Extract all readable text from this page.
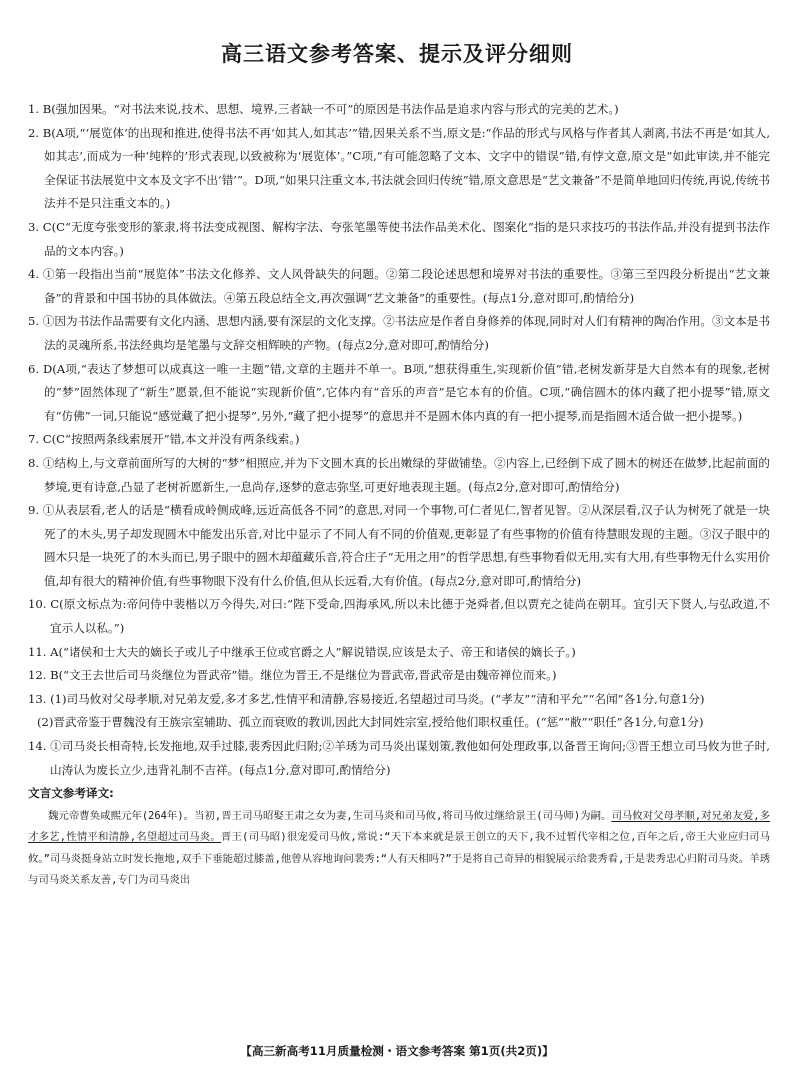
高三语文参考答案、提示及评分细则

1. B(强加因果。“对书法来说,技术、思想、境界,三者缺一不可”的原因是书法作品是追求内容与形式的完美的艺术。)

2. B(A项,“‘展览体’的出现和推进,使得书法不再‘如其人,如其志’”错,因果关系不当,原文是:“作品的形式与风格与作者其人剥离,书法不再是‘如其人,如其志’,而成为一种‘纯粹的’形式表现,以致被称为‘展览体’。”C项,“有可能忽略了文本、文字中的错误”错,有悖文意,原文是“如此审读,并不能完全保证书法展览中文本及文字不出‘错’”。D项,“如果只注重文本,书法就会回归传统”错,原文意思是“艺文兼备”不是简单地回归传统,再说,传统书法并不是只注重文本的。)

3. C(C“无度夸张变形的篆隶,将书法变成视图、解构字法、夸张笔墨等使书法作品美术化、图案化”指的是只求技巧的书法作品,并没有提到书法作品的文本内容。)

4. ①第一段指出当前“展览体”书法文化修养、文人风骨缺失的问题。②第二段论述思想和境界对书法的重要性。③第三至四段分析提出“艺文兼备”的背景和中国书协的具体做法。④第五段总结全文,再次强调“艺文兼备”的重要性。(每点1分,意对即可,酌情给分)

5. ①因为书法作品需要有文化内涵、思想内涵,要有深层的文化支撑。②书法应是作者自身修养的体现,同时对人们有精神的陶冶作用。③文本是书法的灵魂所系,书法经典均是笔墨与文辞交相辉映的产物。(每点2分,意对即可,酌情给分)

6. D(A项,“表达了梦想可以成真这一唯一主题”错,文章的主题并不单一。B项,“想获得重生,实现新价值”错,老树发新芽是大自然本有的现象,老树的“梦”固然体现了“新生”愿景,但不能说“实现新价值”,它体内有“音乐的声音”是它本有的价值。C项,“确信圆木的体内藏了把小提琴”错,原文有“仿佛”一词,只能说“感觉藏了把小提琴”,另外,“藏了把小提琴”的意思并不是圆木体内真的有一把小提琴,而是指圆木适合做一把小提琴。)

7. C(C“按照两条线索展开”错,本文并没有两条线索。)

8. ①结构上,与文章前面所写的大树的“梦”相照应,并为下文圆木真的长出嫩绿的芽做铺垫。②内容上,已经倒下成了圆木的树还在做梦,比起前面的梦境,更有诗意,凸显了老树祈愿新生,一息尚存,逐梦的意志弥坚,可更好地表现主题。(每点2分,意对即可,酌情给分)

9. ①从表层看,老人的话是“横看成岭侧成峰,远近高低各不同”的意思,对同一个事物,可仁者见仁,智者见智。②从深层看,汉子认为树死了就是一块死了的木头,男子却发现圆木中能发出乐音,对比中显示了不同人有不同的价值观,更彰显了有些事物的价值有待慧眼发现的主题。③汉子眼中的圆木只是一块死了的木头而已,男子眼中的圆木却蕴藏乐音,符合庄子“无用之用”的哲学思想,有些事物看似无用,实有大用,有些事物无什么实用价值,却有很大的精神价值,有些事物眼下没有什么价值,但从长远看,大有价值。(每点2分,意对即可,酌情给分)

10. C(原文标点为:帝问侍中裴楷以万今得失,对曰:“陛下受命,四海承风,所以未比德于尧舜者,但以贾充之徒尚在朝耳。宜引天下贤人,与弘政道,不宜示人以私。”)

11. A(“诸侯和士大夫的嫡长子或儿子中继承王位或官爵之人”解说错误,应该是太子、帝王和诸侯的嫡长子。)

12. B(“文王去世后司马炎继位为晋武帝”错。继位为晋王,不是继位为晋武帝,晋武帝是由魏帝禅位而来。)

13. (1)司马攸对父母孝顺,对兄弟友爱,多才多艺,性情平和清静,容易接近,名望超过司马炎。(“孝友”“清和平允”“名闻”各1分,句意1分)

(2)晋武帝鉴于曹魏没有王族宗室辅助、孤立而衰败的教训,因此大封同姓宗室,授给他们职权重任。(“惩”“敝”“职任”各1分,句意1分)

14. ①司马炎长相奇特,长发拖地,双手过膝,裴秀因此归附;②羊琇为司马炎出谋划策,教他如何处理政事,以备晋王询问;③晋王想立司马攸为世子时,山涛认为废长立少,违背礼制不吉祥。(每点1分,意对即可,酌情给分)

文言文参考译文:

魏元帝曹奂咸熙元年(264年)。当初,晋王司马昭娶王肃之女为妻,生司马炎和司马攸,将司马攸过继给景王(司马师)为嗣。司马攸对父母孝顺,对兄弟友爱,多才多艺,性情平和清静,名望超过司马炎。晋王(司马昭)很宠爱司马攸,常说:“天下本来就是景王创立的天下,我不过暂代宰相之位,百年之后,帝王大业应归司马攸。”司马炎挺身站立时发长拖地,双手下垂能超过膝盖,他曾从容地询问裴秀:“人有天相吗?”于是将自己奇异的相貌展示给裴秀看,于是裴秀忠心归附司马炎。羊琇与司马炎关系友善,专门为司马炎出

【高三新高考11月质量检测・语文参考答案 第1页(共2页)】
